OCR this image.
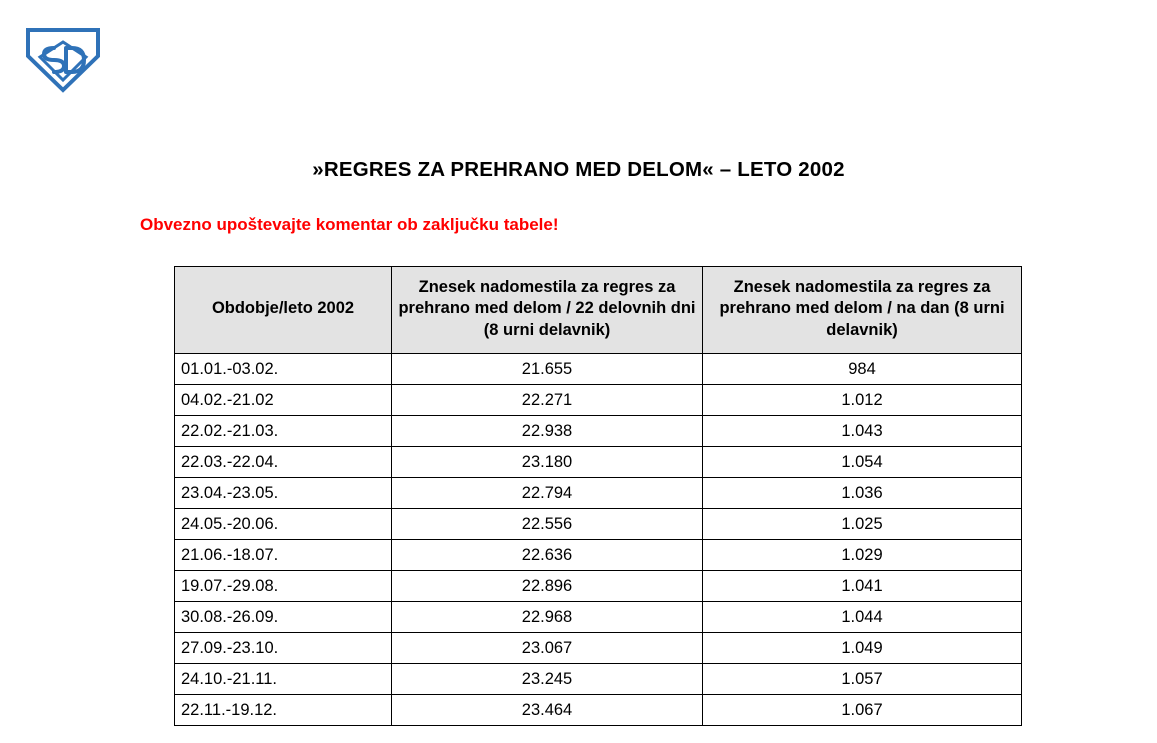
»REGRES ZA PREHRANO MED DELOM« – LETO 2002
Obvezno upoštevajte komentar ob zaključku tabele!
Obdobje/leto 2002	Znesek nadomestila za regres za prehrano med delom / 22 delovnih dni (8 urni delavnik)	Znesek nadomestila za regres za prehrano med delom / na dan (8 urni delavnik)
01.01.-03.02.	21.655	984
04.02.-21.02	22.271	1.012
22.02.-21.03.	22.938	1.043
22.03.-22.04.	23.180	1.054
23.04.-23.05.	22.794	1.036
24.05.-20.06.	22.556	1.025
21.06.-18.07.	22.636	1.029
19.07.-29.08.	22.896	1.041
30.08.-26.09.	22.968	1.044
27.09.-23.10.	23.067	1.049
24.10.-21.11.	23.245	1.057
22.11.-19.12.	23.464	1.067
